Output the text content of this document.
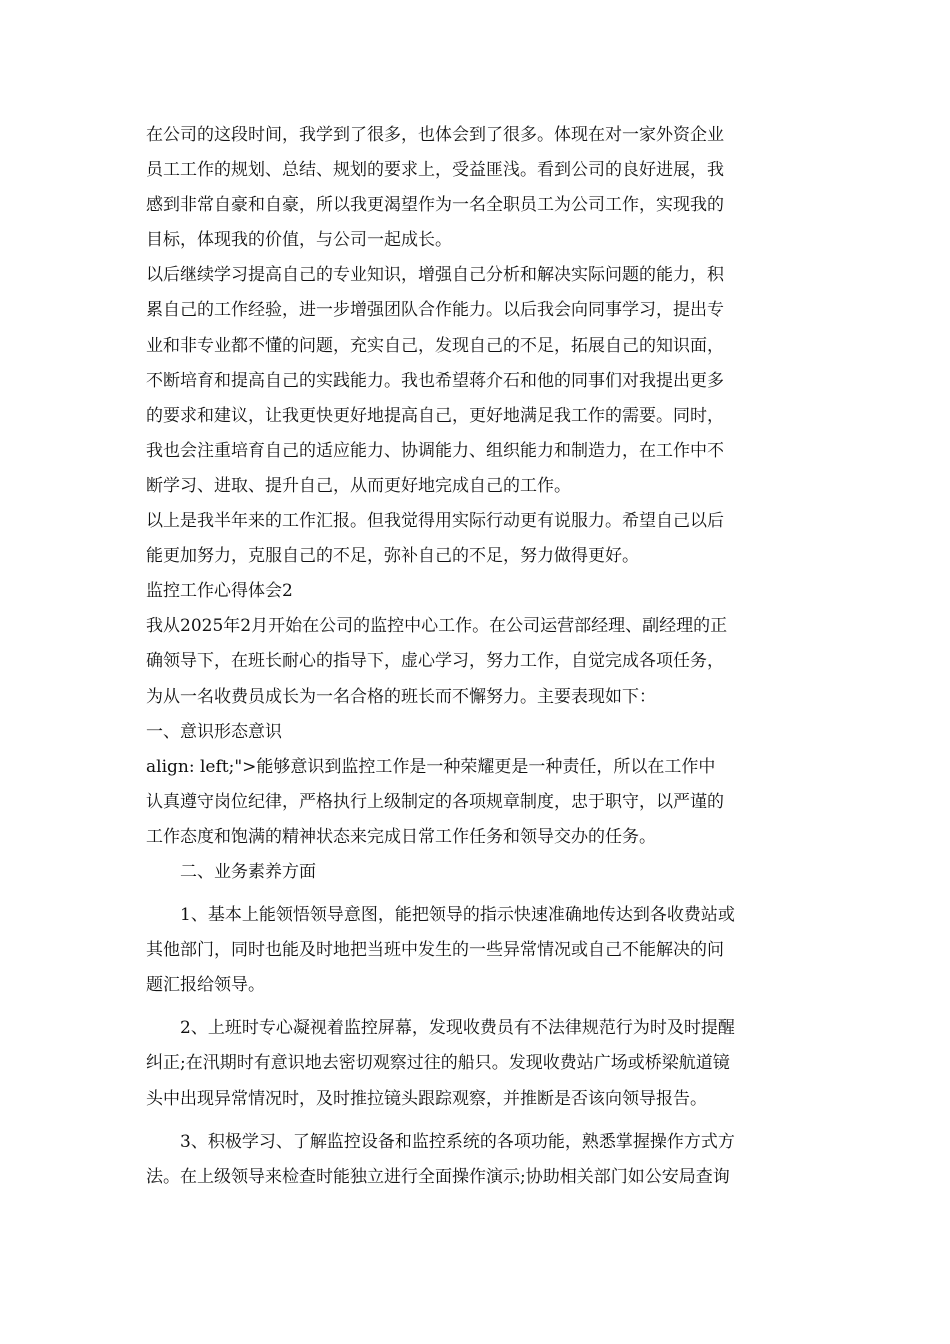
在公司的这段时间，我学到了很多，也体会到了很多。体现在对一家外资企业
员工工作的规划、总结、规划的要求上，受益匪浅。看到公司的良好进展，我
感到非常自豪和自豪，所以我更渴望作为一名全职员工为公司工作，实现我的
目标，体现我的价值，与公司一起成长。
以后继续学习提高自己的专业知识，增强自己分析和解决实际问题的能力，积
累自己的工作经验，进一步增强团队合作能力。以后我会向同事学习，提出专
业和非专业都不懂的问题，充实自己，发现自己的不足，拓展自己的知识面，
不断培育和提高自己的实践能力。我也希望蒋介石和他的同事们对我提出更多
的要求和建议，让我更快更好地提高自己，更好地满足我工作的需要。同时，
我也会注重培育自己的适应能力、协调能力、组织能力和制造力，在工作中不
断学习、进取、提升自己，从而更好地完成自己的工作。
以上是我半年来的工作汇报。但我觉得用实际行动更有说服力。希望自己以后
能更加努力，克服自己的不足，弥补自己的不足，努力做得更好。
监控工作心得体会2
我从2025年2月开始在公司的监控中心工作。在公司运营部经理、副经理的正
确领导下，在班长耐心的指导下，虚心学习，努力工作，自觉完成各项任务，
为从一名收费员成长为一名合格的班长而不懈努力。主要表现如下：
一、意识形态意识
align: left;">能够意识到监控工作是一种荣耀更是一种责任，所以在工作中
认真遵守岗位纪律，严格执行上级制定的各项规章制度，忠于职守，以严谨的
工作态度和饱满的精神状态来完成日常工作任务和领导交办的任务。
二、业务素养方面
1、基本上能领悟领导意图，能把领导的指示快速准确地传达到各收费站或
其他部门，同时也能及时地把当班中发生的一些异常情况或自己不能解决的问
题汇报给领导。
2、上班时专心凝视着监控屏幕，发现收费员有不法律规范行为时及时提醒
纠正;在汛期时有意识地去密切观察过往的船只。发现收费站广场或桥梁航道镜
头中出现异常情况时，及时推拉镜头跟踪观察，并推断是否该向领导报告。
3、积极学习、了解监控设备和监控系统的各项功能，熟悉掌握操作方式方
法。在上级领导来检查时能独立进行全面操作演示;协助相关部门如公安局查询
